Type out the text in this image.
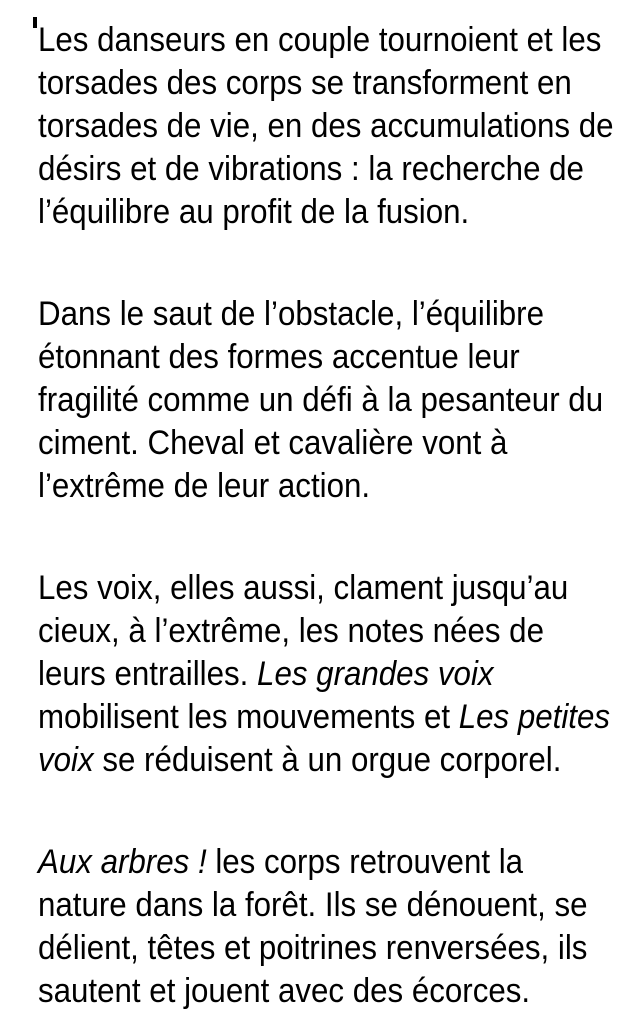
Les danseurs en couple tournoient et les
torsades des corps se transforment en
torsades de vie, en des accumulations de
désirs et de vibrations : la recherche de
l’équilibre au profit de la fusion.
Dans le saut de l’obstacle, l’équilibre
étonnant des formes accentue leur
fragilité comme un défi à la pesanteur du
ciment. Cheval et cavalière vont à
l’extrême de leur action.
Les voix, elles aussi, clament jusqu’au
cieux, à l’extrême, les notes nées de
leurs entrailles. Les grandes voix
mobilisent les mouvements et Les petites
voix se réduisent à un orgue corporel.
Aux arbres ! les corps retrouvent la
nature dans la forêt. Ils se dénouent, se
délient, têtes et poitrines renversées, ils
sautent et jouent avec des écorces.
